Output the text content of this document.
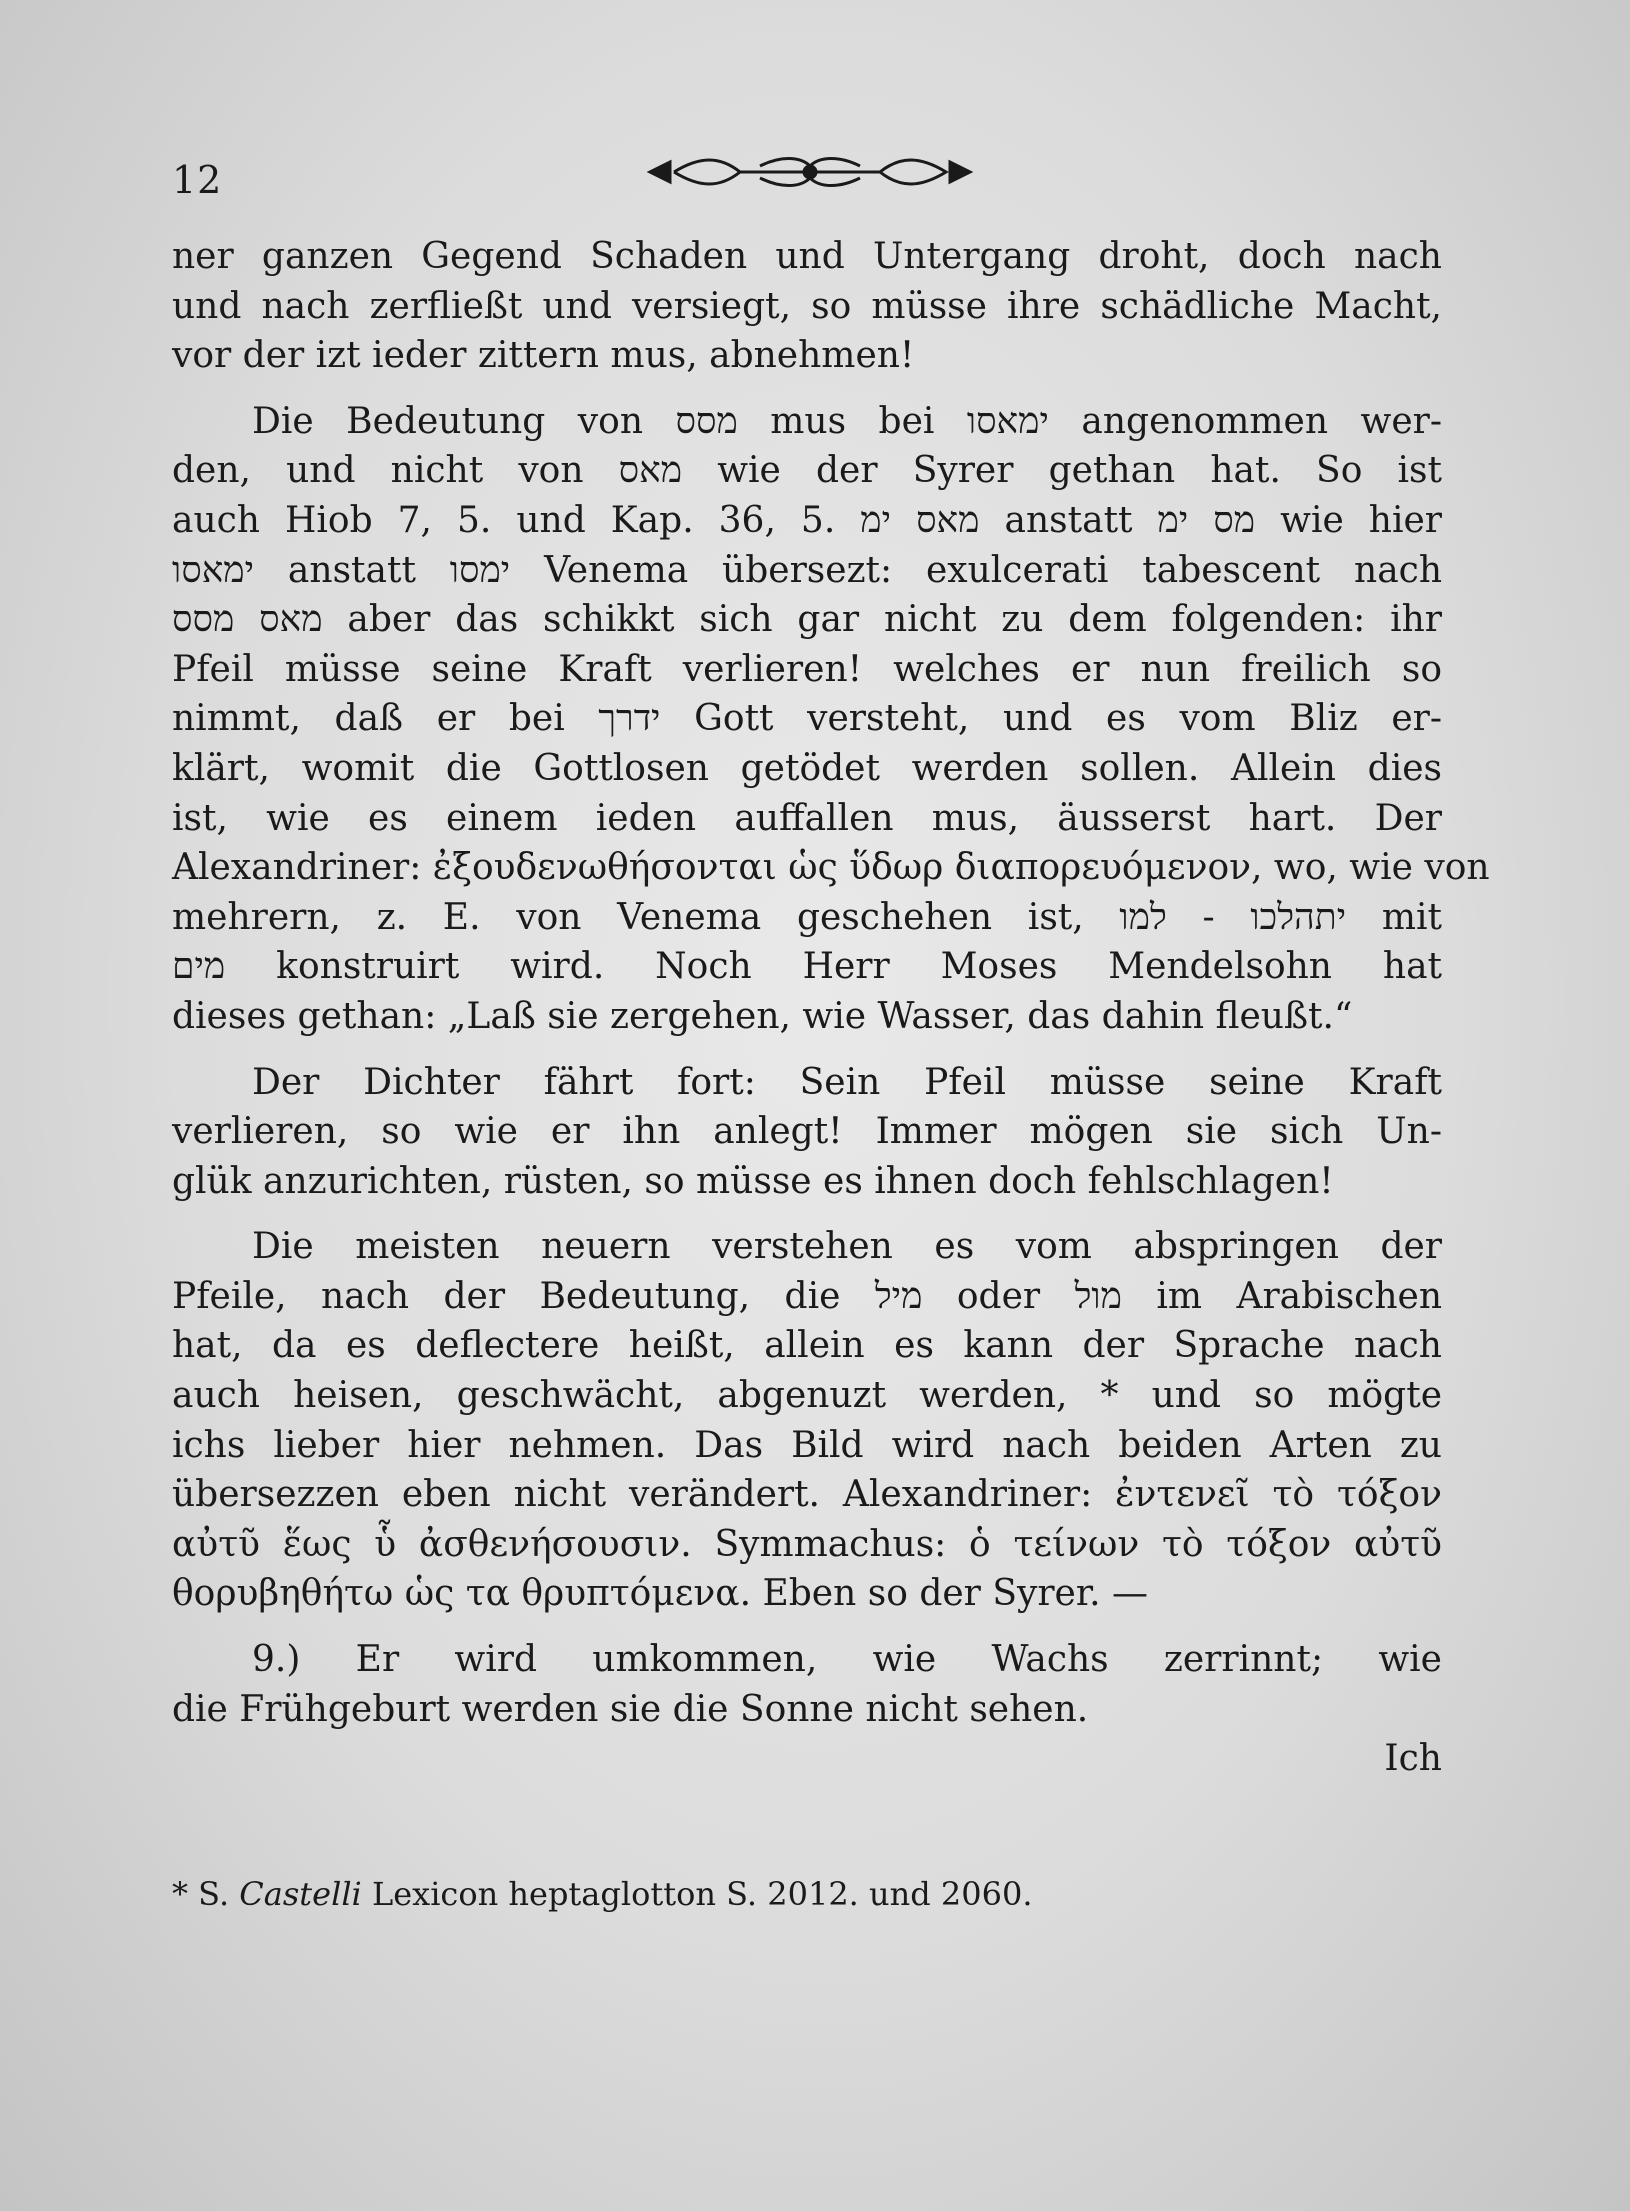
12
ner ganzen Gegend Schaden und Untergang droht, doch nach
und nach zerfließt und versiegt, so müsse ihre schädliche Macht,
vor der izt ieder zittern mus, abnehmen!
Die Bedeutung von מסס mus bei ימאסו angenommen wer-
den, und nicht von מאס wie der Syrer gethan hat. So ist
auch Hiob 7, 5. und Kap. 36, 5. מאס ימ anstatt מס ימ wie hier
ימאסו anstatt ימסו Venema übersezt: exulcerati tabescent nach
מאס מסס aber das schikkt sich gar nicht zu dem folgenden: ihr
Pfeil müsse seine Kraft verlieren! welches er nun freilich so
nimmt, daß er bei ידרך Gott versteht, und es vom Bliz er-
klärt, womit die Gottlosen getödet werden sollen. Allein dies
ist, wie es einem ieden auffallen mus, äusserst hart. Der
Alexandriner: ἐξουδενωθήσονται ὡς ὕδωρ διαπορευόμενον, wo, wie von
mehrern, z. E. von Venema geschehen ist, יתהלכו - למו mit
מים konstruirt wird. Noch Herr Moses Mendelsohn hat
dieses gethan: „Laß sie zergehen, wie Wasser, das dahin fleußt.“
Der Dichter fährt fort: Sein Pfeil müsse seine Kraft
verlieren, so wie er ihn anlegt! Immer mögen sie sich Un-
glük anzurichten, rüsten, so müsse es ihnen doch fehlschlagen!
Die meisten neuern verstehen es vom abspringen der
Pfeile, nach der Bedeutung, die מיל oder מול im Arabischen
hat, da es deflectere heißt, allein es kann der Sprache nach
auch heisen, geschwächt, abgenuzt werden, * und so mögte
ichs lieber hier nehmen. Das Bild wird nach beiden Arten zu
übersezzen eben nicht verändert. Alexandriner: ἐντενεῖ τὸ τόξον
αὐτῦ ἕως ὗ ἀσθενήσουσιν. Symmachus: ὁ τείνων τὸ τόξον αὐτῦ
θορυβηθήτω ὡς τα θρυπτόμενα. Eben so der Syrer. —
9.) Er wird umkommen, wie Wachs zerrinnt; wie
die Frühgeburt werden sie die Sonne nicht sehen.
Ich
* S. Castelli Lexicon heptaglotton S. 2012. und 2060.
